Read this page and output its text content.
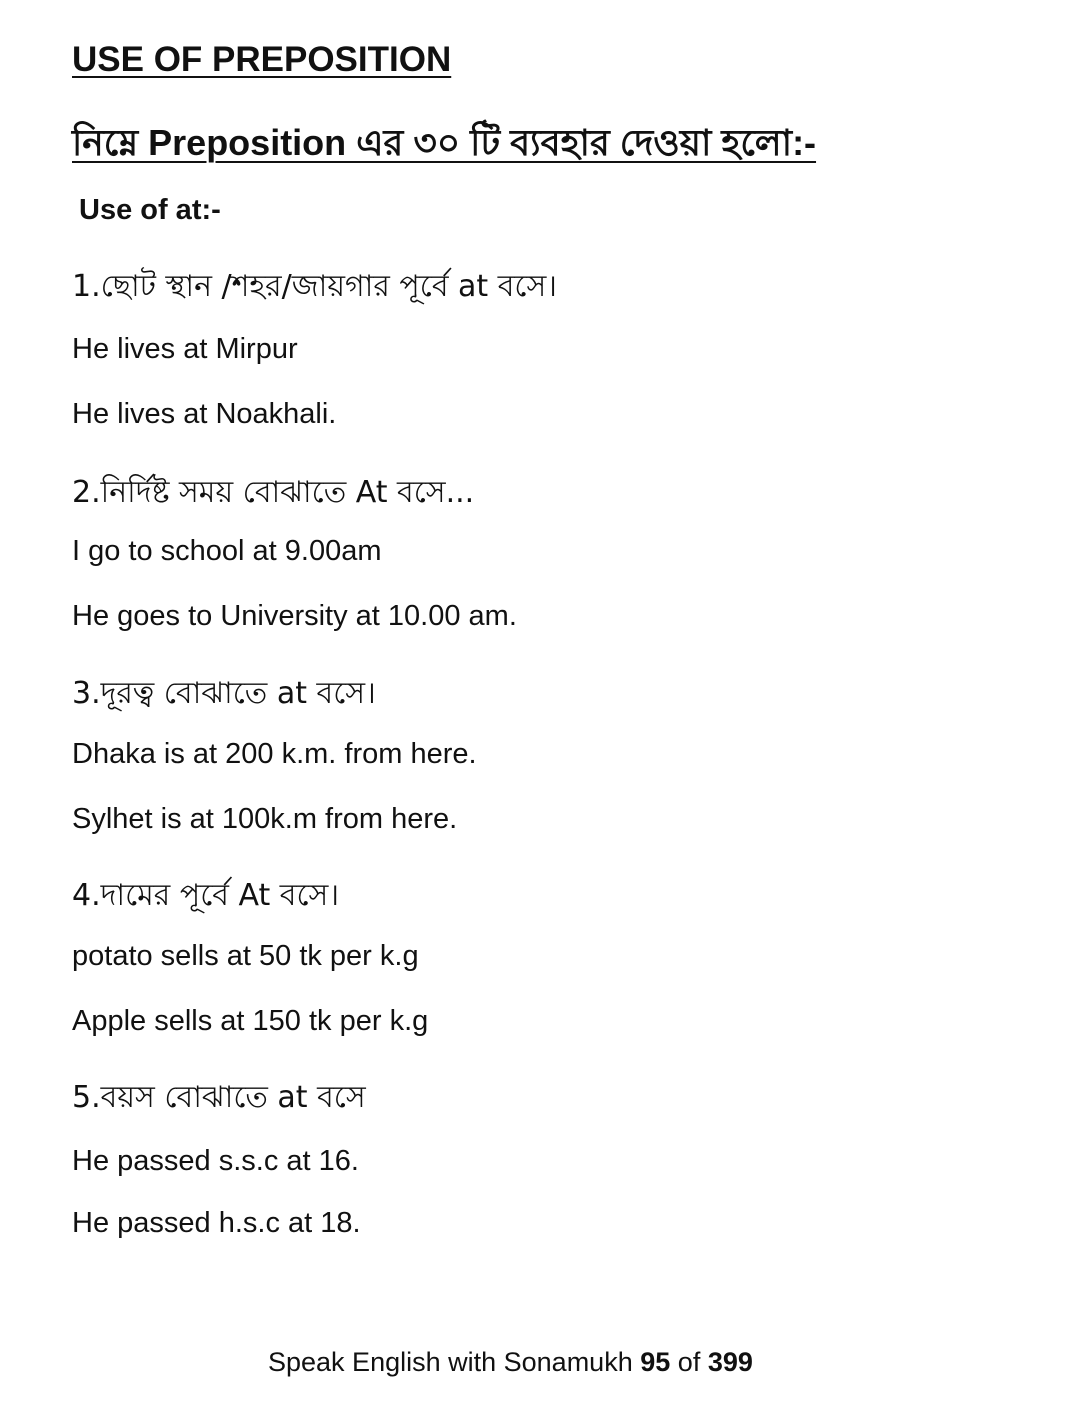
USE OF PREPOSITION
নিম্নে Preposition এর ৩০ টি ব্যবহার দেওয়া হলো:-
Use of at:-
1.ছোট স্থান /শহর/জায়গার পূর্বে at বসে।
He lives at Mirpur
He lives at Noakhali.
2.নির্দিষ্ট সময় বোঝাতে At বসে...
I go to school at 9.00am
He goes to University at 10.00 am.
3.দূরত্ব বোঝাতে at বসে।
Dhaka is at 200 k.m. from here.
Sylhet is at 100k.m from here.
4.দামের পূর্বে At বসে।
potato sells at 50 tk per k.g
Apple sells at 150 tk per k.g
5.বয়স বোঝাতে at বসে
He passed s.s.c at 16.
He passed h.s.c at 18.
Speak English with Sonamukh 95 of 399
